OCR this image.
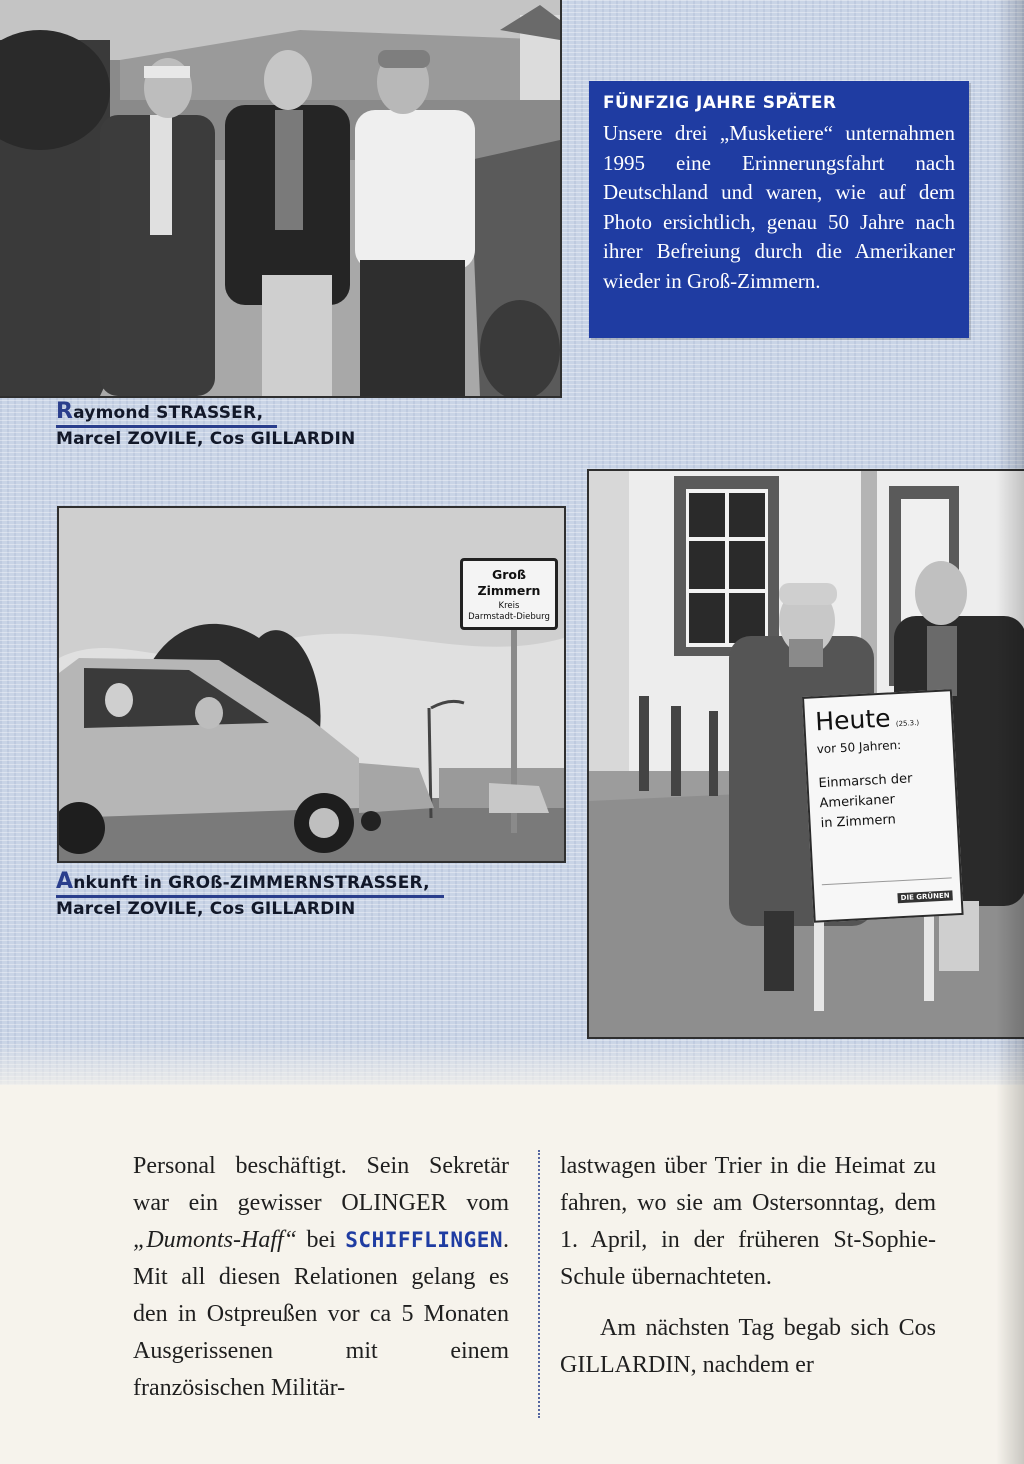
FÜNFZIG JAHRE SPÄTER
Unsere drei „Musketiere“ unternahmen 1995 eine Erinnerungsfahrt nach Deutschland und waren, wie auf dem Photo ersichtlich, genau 50 Jahre nach ihrer Befreiung durch die Amerikaner wieder in Groß-Zimmern.
Raymond STRASSER,
Marcel ZOVILE, Cos GILLARDIN
Groß Zimmern
Kreis
Darmstadt-Dieburg
Ankunft in GROß-ZIMMERNSTRASSER,
Marcel ZOVILE, Cos GILLARDIN
Heute (25.3.)
vor 50 Jahren:
Einmarsch der
Amerikaner
in Zimmern
DIE GRÜNEN

Personal beschäftigt. Sein Sekretär war ein gewisser OLINGER vom „Dumonts-Haff“ bei SCHIFFLINGEN. Mit all diesen Relationen gelang es den in Ostpreußen vor ca 5 Monaten Ausgerissenen mit einem französischen Militär-

lastwagen über Trier in die Heimat zu fahren, wo sie am Ostersonntag, dem 1. April, in der früheren St-Sophie-Schule übernachteten.

Am nächsten Tag begab sich Cos GILLARDIN, nachdem er
